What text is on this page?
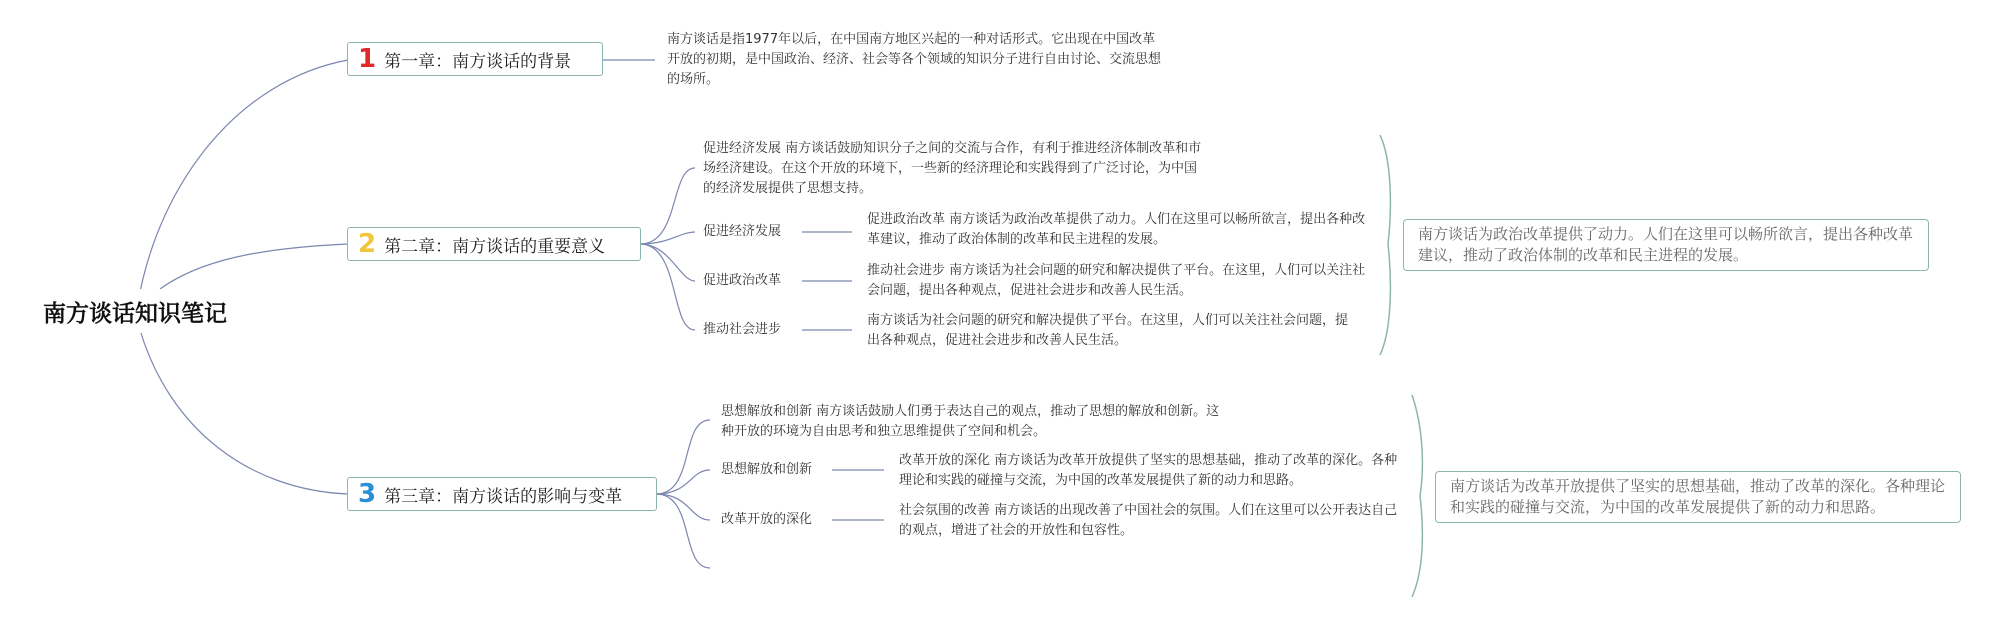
南方谈话知识笔记
1 第一章：南方谈话的背景
2 第二章：南方谈话的重要意义
3 第三章：南方谈话的影响与变革
南方谈话是指1977年以后，在中国南方地区兴起的一种对话形式。它出现在中国改革开放的初期，是中国政治、经济、社会等各个领域的知识分子进行自由讨论、交流思想的场所。
促进经济发展 南方谈话鼓励知识分子之间的交流与合作，有利于推进经济体制改革和市场经济建设。在这个开放的环境下，一些新的经济理论和实践得到了广泛讨论，为中国的经济发展提供了思想支持。
促进经济发展
促进政治改革 南方谈话为政治改革提供了动力。人们在这里可以畅所欲言，提出各种改革建议，推动了政治体制的改革和民主进程的发展。
促进政治改革
推动社会进步 南方谈话为社会问题的研究和解决提供了平台。在这里，人们可以关注社会问题，提出各种观点，促进社会进步和改善人民生活。
推动社会进步
南方谈话为社会问题的研究和解决提供了平台。在这里，人们可以关注社会问题，提出各种观点，促进社会进步和改善人民生活。
南方谈话为政治改革提供了动力。人们在这里可以畅所欲言，提出各种改革建议，推动了政治体制的改革和民主进程的发展。
思想解放和创新 南方谈话鼓励人们勇于表达自己的观点，推动了思想的解放和创新。这种开放的环境为自由思考和独立思维提供了空间和机会。
思想解放和创新
改革开放的深化 南方谈话为改革开放提供了坚实的思想基础，推动了改革的深化。各种理论和实践的碰撞与交流，为中国的改革发展提供了新的动力和思路。
改革开放的深化
社会氛围的改善 南方谈话的出现改善了中国社会的氛围。人们在这里可以公开表达自己的观点，增进了社会的开放性和包容性。
南方谈话为改革开放提供了坚实的思想基础，推动了改革的深化。各种理论和实践的碰撞与交流，为中国的改革发展提供了新的动力和思路。
